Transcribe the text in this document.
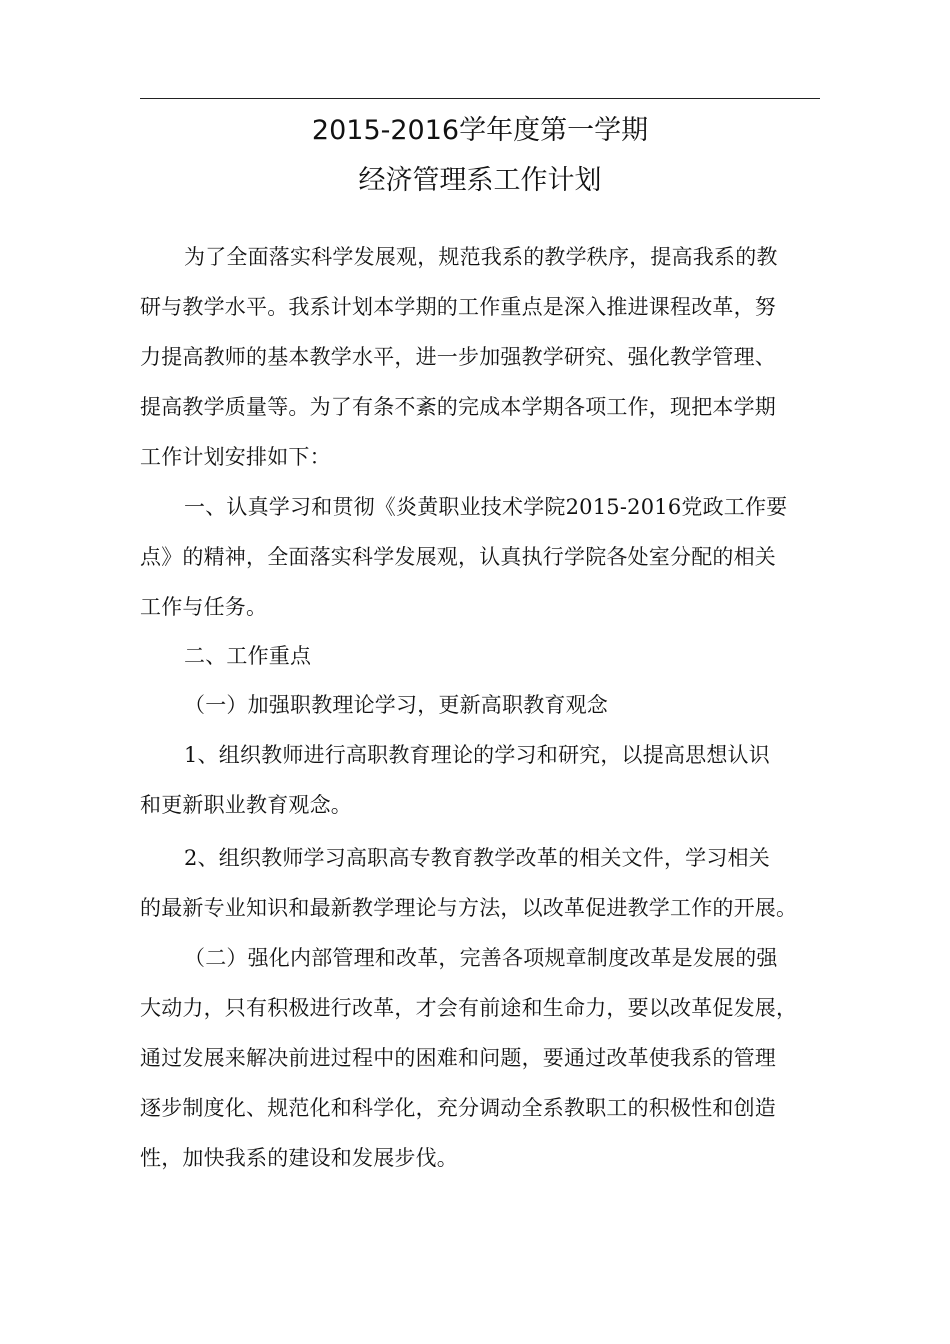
2015-2016学年度第一学期
经济管理系工作计划
为了全面落实科学发展观，规范我系的教学秩序，提高我系的教
研与教学水平。我系计划本学期的工作重点是深入推进课程改革，努
力提高教师的基本教学水平，进一步加强教学研究、强化教学管理、
提高教学质量等。为了有条不紊的完成本学期各项工作，现把本学期
工作计划安排如下：
一、认真学习和贯彻《炎黄职业技术学院2015-2016党政工作要
点》的精神，全面落实科学发展观，认真执行学院各处室分配的相关
工作与任务。
二、工作重点
（一）加强职教理论学习，更新高职教育观念
1、组织教师进行高职教育理论的学习和研究，以提高思想认识
和更新职业教育观念。
2、组织教师学习高职高专教育教学改革的相关文件，学习相关
的最新专业知识和最新教学理论与方法，以改革促进教学工作的开展。
（二）强化内部管理和改革，完善各项规章制度改革是发展的强
大动力，只有积极进行改革，才会有前途和生命力，要以改革促发展，
通过发展来解决前进过程中的困难和问题，要通过改革使我系的管理
逐步制度化、规范化和科学化，充分调动全系教职工的积极性和创造
性，加快我系的建设和发展步伐。
